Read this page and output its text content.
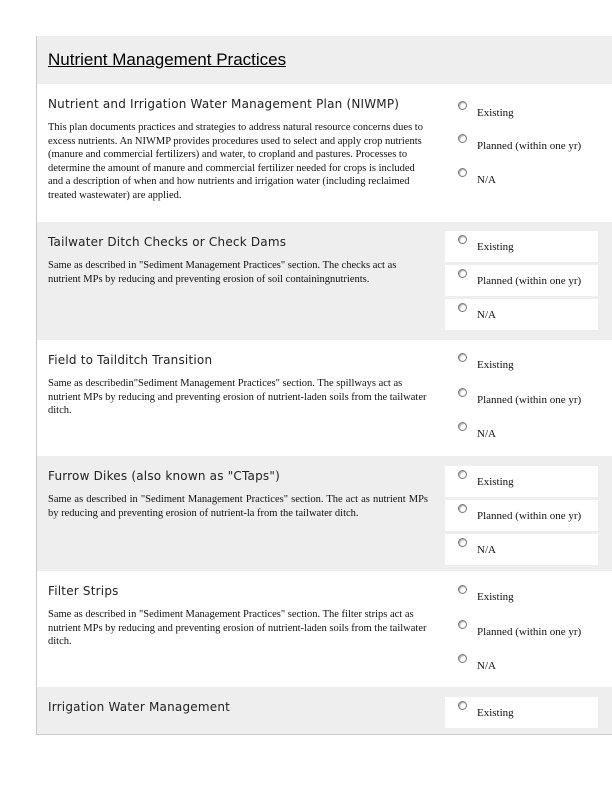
Nutrient Management Practices
Nutrient and Irrigation Water Management Plan (NIWMP)

This plan documents practices and strategies to address natural resource concerns dues to excess nutrients. An NIWMP provides procedures used to select and apply crop nutrients (manure and commercial fertilizers) and water, to cropland and pastures. Processes to determine the amount of manure and commercial fertilizer needed for crops is included and a description of when and how nutrients and irrigation water (including reclaimed treated wastewater) are applied.

Existing
Planned (within one yr)
N/A
Tailwater Ditch Checks or Check Dams

Same as described in "Sediment Management Practices" section. The checks act as nutrient MPs by reducing and preventing erosion of soil containingnutrients.

Existing
Planned (within one yr)
N/A
Field to Tailditch Transition

Same as describedin"Sediment Management Practices" section. The spillways act as nutrient MPs by reducing and preventing erosion of nutrient-laden soils from the tailwater ditch.

Existing
Planned (within one yr)
N/A
Furrow Dikes (also known as "CTaps")

Same as described in "Sediment Management Practices" section. The act as nutrient MPs by reducing and preventing erosion of nutrient-la from the tailwater ditch.

Existing
Planned (within one yr)
N/A
Filter Strips

Same as described in "Sediment Management Practices" section. The filter strips act as nutrient MPs by reducing and preventing erosion of nutrient-laden soils from the tailwater ditch.

Existing
Planned (within one yr)
N/A
Irrigation Water Management	Existing
